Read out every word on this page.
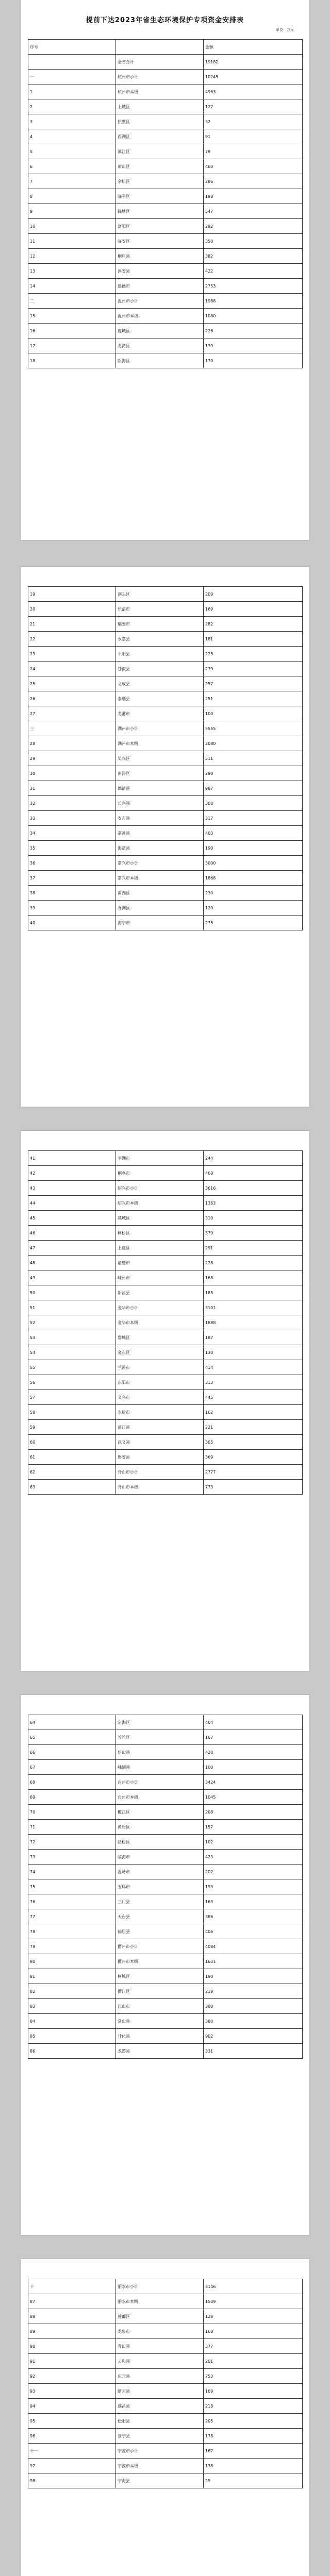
提前下达2023年省生态环境保护专项资金安排表
单位：万元
序号		金额
	全省合计	19182
一	杭州市小计	10245
1	杭州市本级	4963
2	上城区	127
3	拱墅区	32
4	西湖区	91
5	滨江区	79
6	萧山区	460
7	余杭区	286
8	临平区	198
9	钱塘区	547
10	富阳区	292
11	临安区	350
12	桐庐县	382
13	淳安县	422
14	建德市	2753
二	温州市小计	1988
15	温州市本级	1080
16	鹿城区	226
17	龙湾区	139
18	瓯海区	170
19	洞头区	209
20	乐清市	169
21	瑞安市	282
22	永嘉县	181
23	平阳县	225
24	苍南县	279
25	文成县	257
26	泰顺县	251
27	龙港市	100
三	湖州市小计	5555
28	湖州市本级	2080
29	吴兴区	511
30	南浔区	290
31	德清县	987
32	长兴县	308
33	安吉县	317
34	嘉善县	403
35	海盐县	190
36	嘉兴市小计	3000
37	嘉兴市本级	1868
38	南湖区	230
39	秀洲区	120
40	海宁市	275
41	平湖市	244
42	桐乡市	468
43	绍兴市小计	3616
44	绍兴市本级	1363
45	越城区	310
46	柯桥区	379
47	上虞区	291
48	诸暨市	228
49	嵊州市	168
50	新昌县	185
51	金华市小计	3101
52	金华市本级	1888
53	婺城区	187
54	金东区	130
55	兰溪市	414
56	东阳市	313
57	义乌市	445
58	永康市	162
59	浦江县	221
60	武义县	305
61	磐安县	369
62	舟山市小计	2777
63	舟山市本级	773
64	定海区	404
65	普陀区	167
66	岱山县	428
67	嵊泗县	100
68	台州市小计	3424
69	台州市本级	1045
70	椒江区	208
71	黄岩区	157
72	路桥区	102
73	临海市	423
74	温岭市	202
75	玉环市	193
76	三门县	163
77	天台县	386
78	仙居县	406
79	衢州市小计	4084
80	衢州市本级	1631
81	柯城区	190
82	衢江区	219
83	江山市	380
84	常山县	380
85	开化县	902
86	龙游县	331
十	丽水市小计	3146
87	丽水市本级	1509
88	莲都区	128
89	龙泉市	168
90	青田县	377
91	云和县	201
92	庆元县	753
93	缙云县	169
94	遂昌县	218
95	松阳县	205
96	景宁县	178
十一	宁波市小计	167
97	宁波市本级	138
98	宁海县	29
